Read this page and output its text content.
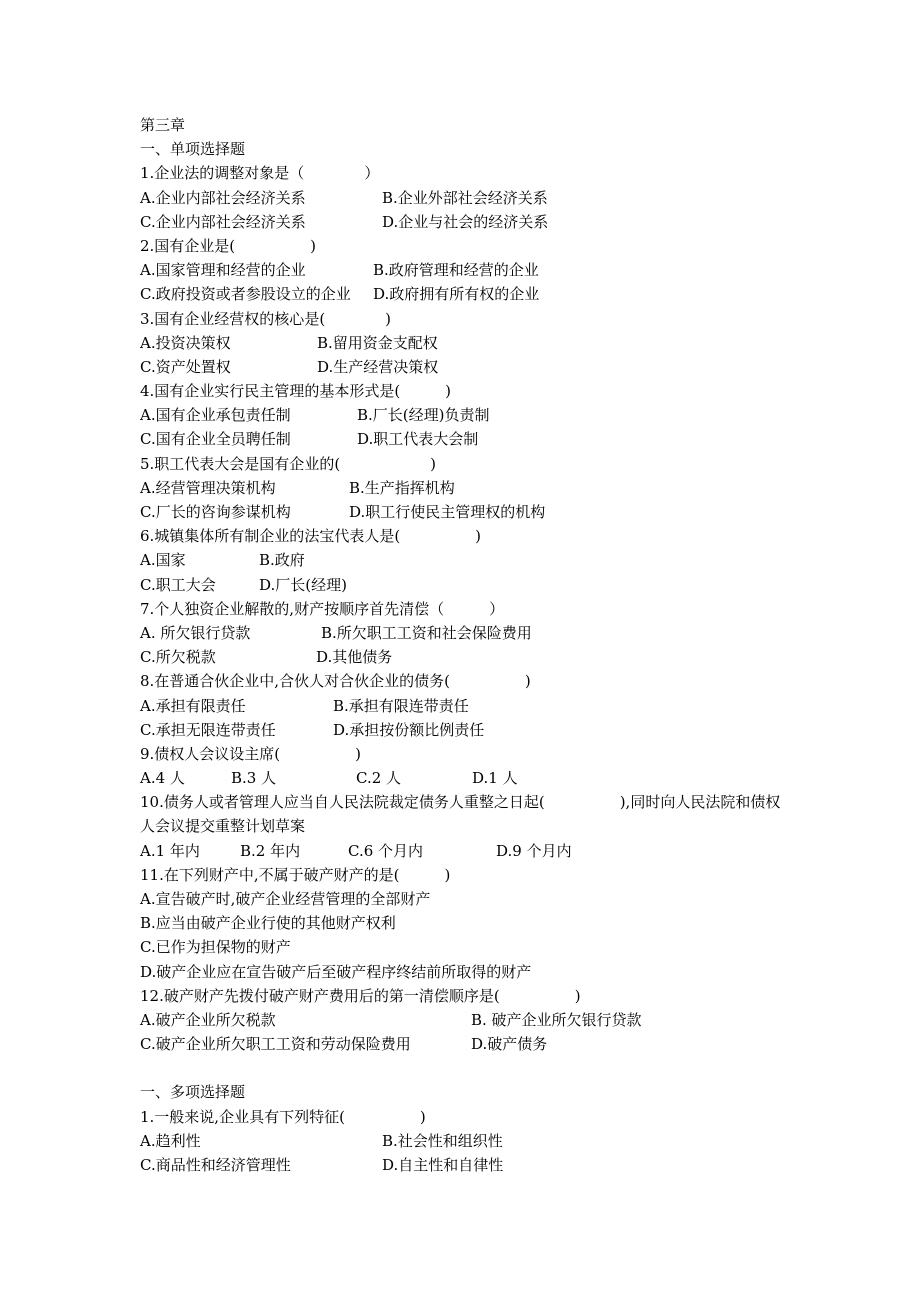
第三章
一、单项选择题
1.企业法的调整对象是（　　　　）
A.企业内部社会经济关系	B.企业外部社会经济关系
C.企业内部社会经济关系	D.企业与社会的经济关系
2.国有企业是(　　　　　)
A.国家管理和经营的企业	B.政府管理和经营的企业
C.政府投资或者参股设立的企业 D.政府拥有所有权的企业
3.国有企业经营权的核心是(　　　　)
A.投资决策权	B.留用资金支配权
C.资产处置权	D.生产经营决策权
4.国有企业实行民主管理的基本形式是(　　　)
A.国有企业承包责任制	B.厂长(经理)负责制
C.国有企业全员聘任制	D.职工代表大会制
5.职工代表大会是国有企业的(　　　　　　)
A.经营管理决策机构	B.生产指挥机构
C.厂长的咨询参谋机构	D.职工行使民主管理权的机构
6.城镇集体所有制企业的法宝代表人是(　　　　　)
A.国家	B.政府
C.职工大会	D.厂长(经理)
7.个人独资企业解散的,财产按顺序首先清偿（　　　）
A. 所欠银行贷款	B.所欠职工工资和社会保险费用
C.所欠税款	D.其他债务
8.在普通合伙企业中,合伙人对合伙企业的债务(　　　　　)
A.承担有限责任	B.承担有限连带责任
C.承担无限连带责任	D.承担按份额比例责任
9.债权人会议设主席(　　　　　)
A.4 人	B.3 人	C.2 人	D.1 人
10.债务人或者管理人应当自人民法院裁定债务人重整之日起(　　　　　),同时向人民法院和债权人会议提交重整计划草案
A.1 年内	B.2 年内	C.6 个月内	D.9 个月内
11.在下列财产中,不属于破产财产的是(　　　)
A.宣告破产时,破产企业经营管理的全部财产
B.应当由破产企业行使的其他财产权利
C.已作为担保物的财产
D.破产企业应在宣告破产后至破产程序终结前所取得的财产
12.破产财产先拨付破产财产费用后的第一清偿顺序是(　　　　　)
A.破产企业所欠税款	B. 破产企业所欠银行贷款
C.破产企业所欠职工工资和劳动保险费用	D.破产债务
一、多项选择题
1.一般来说,企业具有下列特征(　　　　　)
A.趋利性	B.社会性和组织性
C.商品性和经济管理性	D.自主性和自律性
